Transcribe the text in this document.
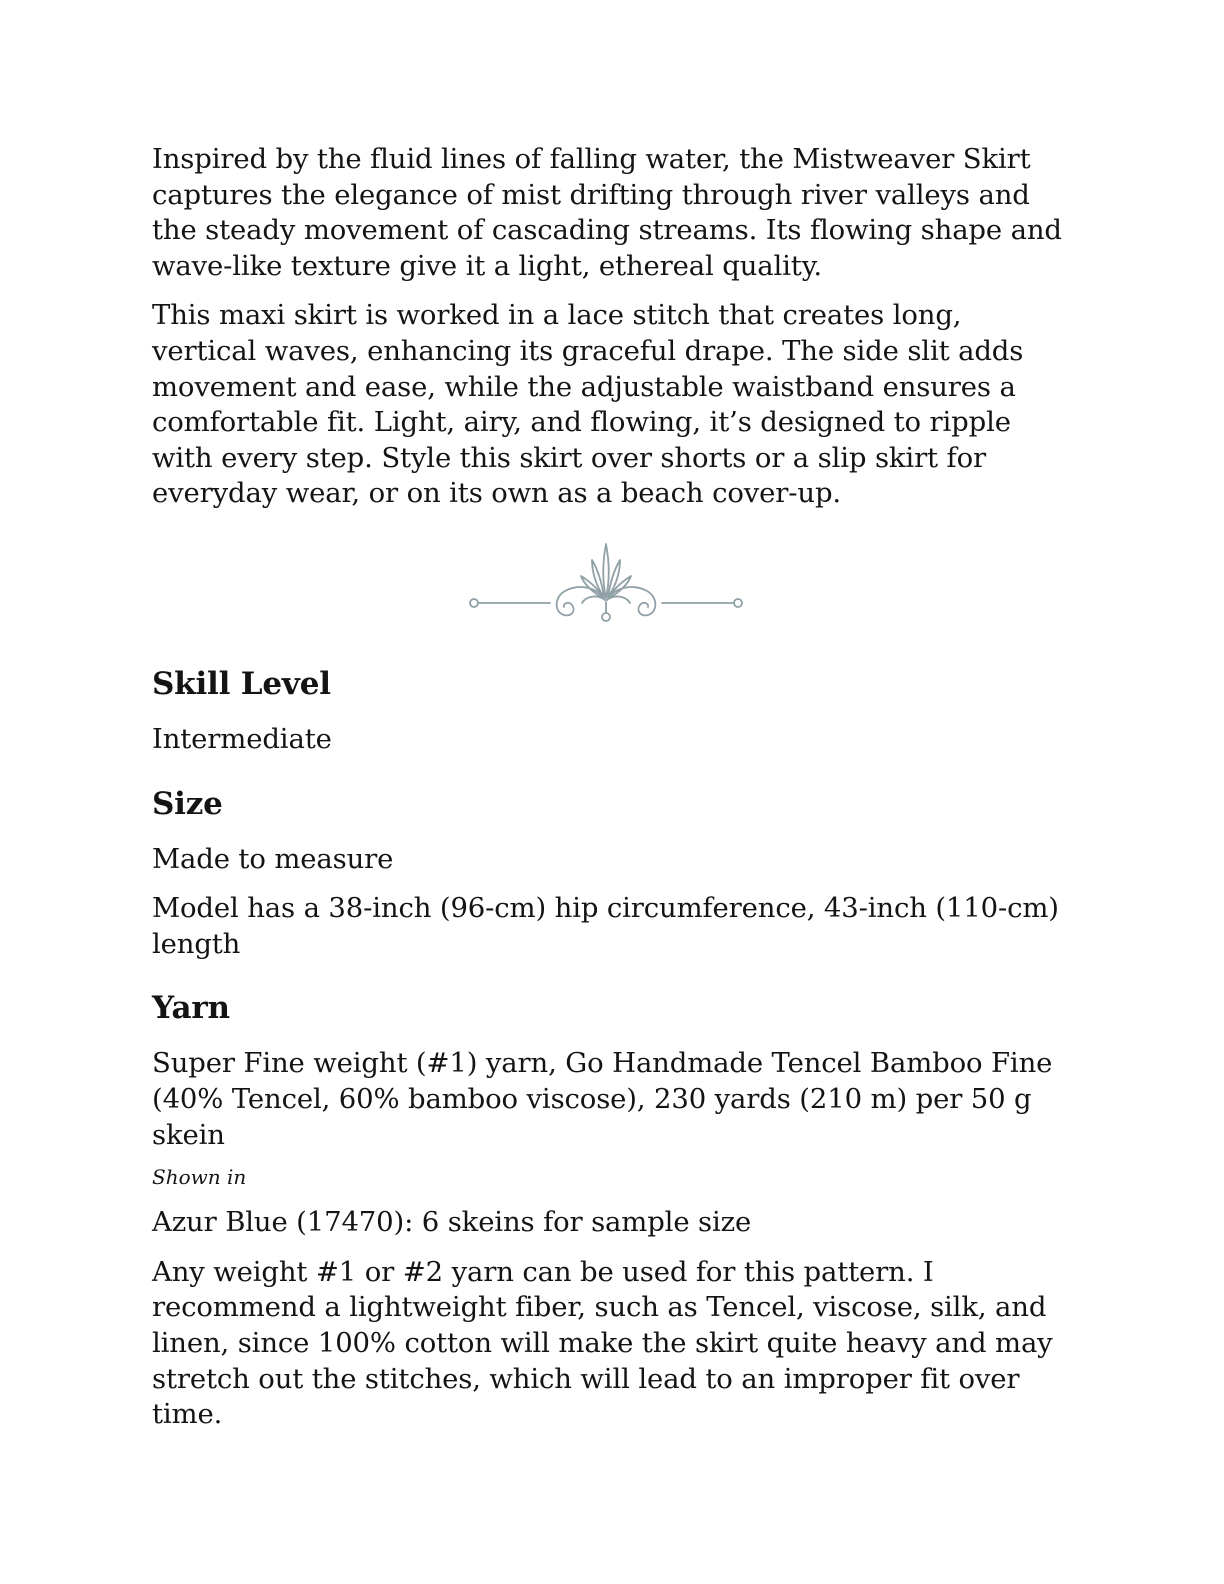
Inspired by the fluid lines of falling water, the Mistweaver Skirt captures the elegance of mist drifting through river valleys and the steady movement of cascading streams. Its flowing shape and wave-like texture give it a light, ethereal quality.

This maxi skirt is worked in a lace stitch that creates long, vertical waves, enhancing its graceful drape. The side slit adds movement and ease, while the adjustable waistband ensures a comfortable fit. Light, airy, and flowing, it’s designed to ripple with every step. Style this skirt over shorts or a slip skirt for everyday wear, or on its own as a beach cover-up.

Skill Level

Intermediate

Size

Made to measure

Model has a 38-inch (96-cm) hip circumference, 43-inch (110-cm) length

Yarn

Super Fine weight (#1) yarn, Go Handmade Tencel Bamboo Fine (40% Tencel, 60% bamboo viscose), 230 yards (210 m) per 50 g skein

Shown in

Azur Blue (17470): 6 skeins for sample size

Any weight #1 or #2 yarn can be used for this pattern. I recommend a lightweight fiber, such as Tencel, viscose, silk, and linen, since 100% cotton will make the skirt quite heavy and may stretch out the stitches, which will lead to an improper fit over time.
